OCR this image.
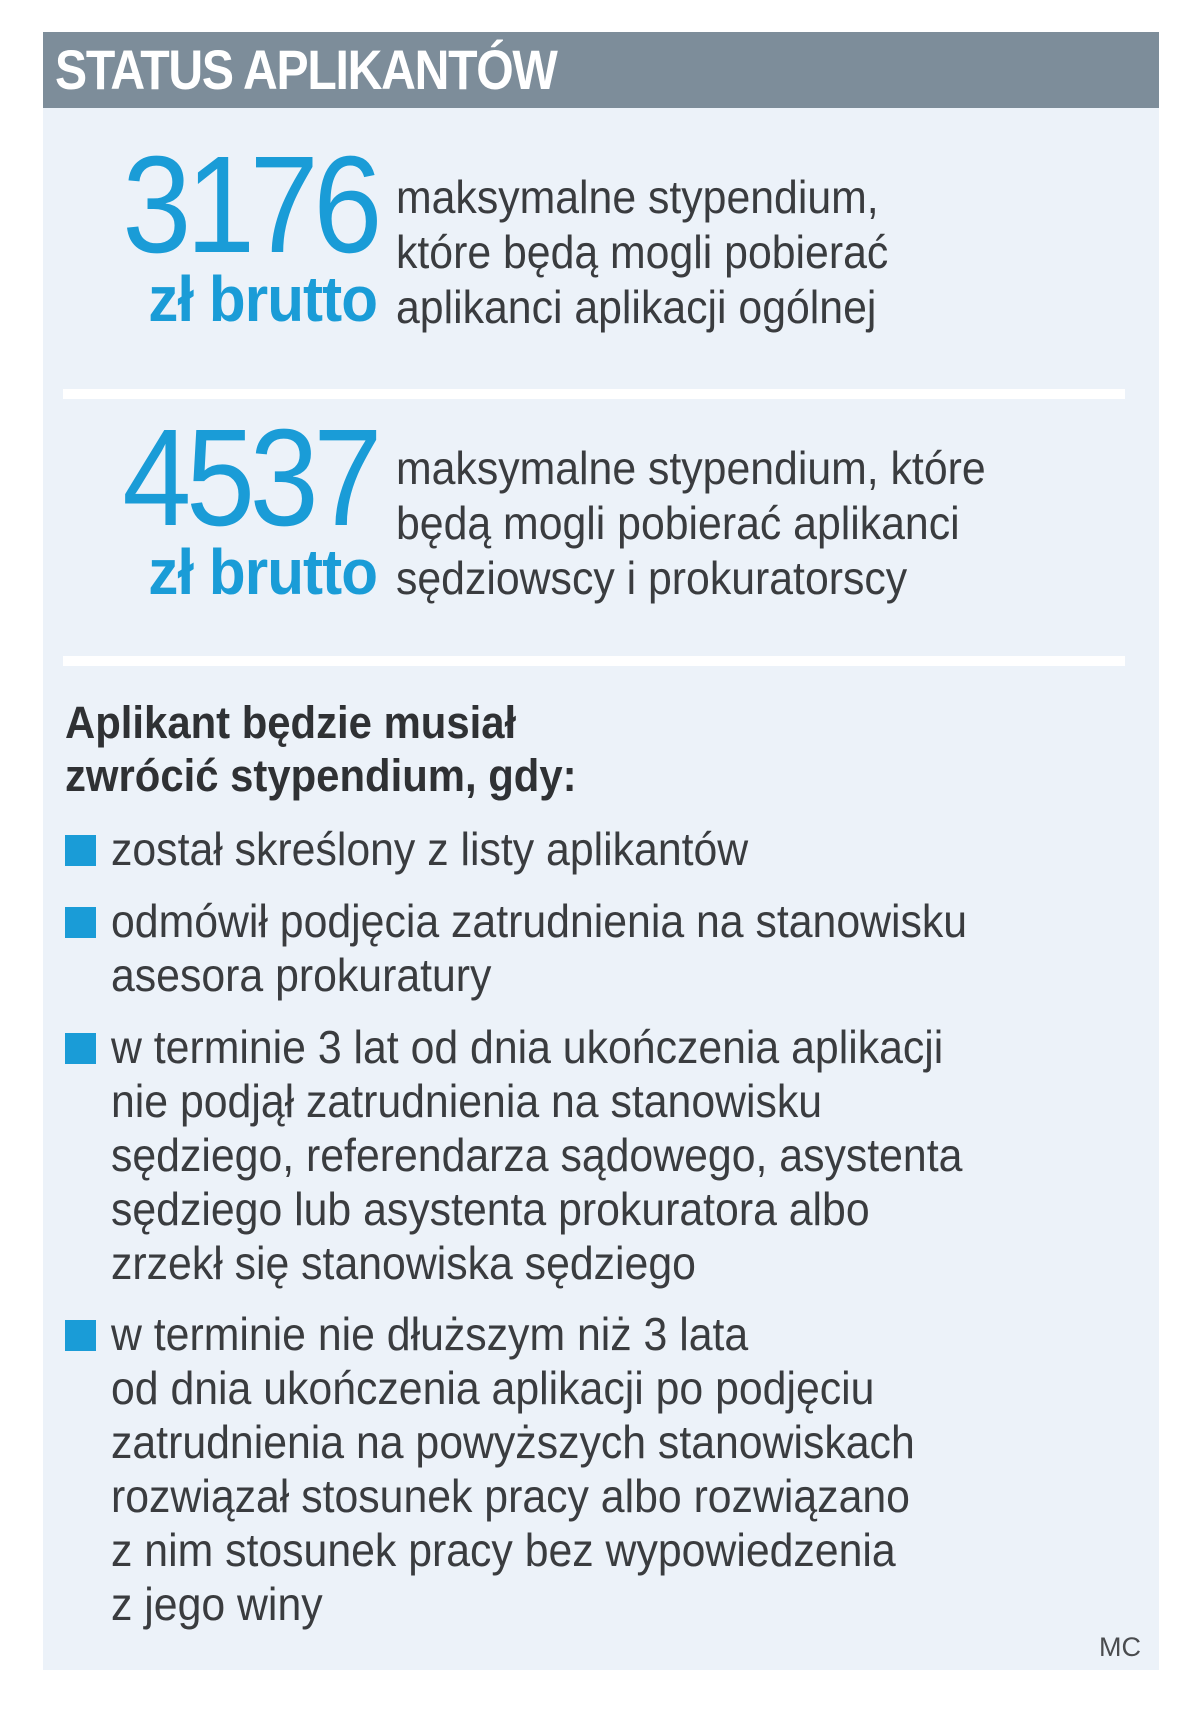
STATUS APLIKANTÓW
3176
zł brutto
maksymalne stypendium,
które będą mogli pobierać
aplikanci aplikacji ogólnej
4537
zł brutto
maksymalne stypendium, które
będą mogli pobierać aplikanci
sędziowscy i prokuratorscy
Aplikant będzie musiał
zwrócić stypendium, gdy:
został skreślony z listy aplikantów
odmówił podjęcia zatrudnienia na stanowisku
asesora prokuratury
w terminie 3 lat od dnia ukończenia aplikacji
nie podjął zatrudnienia na stanowisku
sędziego, referendarza sądowego, asystenta
sędziego lub asystenta prokuratora albo
zrzekł się stanowiska sędziego
w terminie nie dłuższym niż 3 lata
od dnia ukończenia aplikacji po podjęciu
zatrudnienia na powyższych stanowiskach
rozwiązał stosunek pracy albo rozwiązano
z nim stosunek pracy bez wypowiedzenia
z jego winy
MC
